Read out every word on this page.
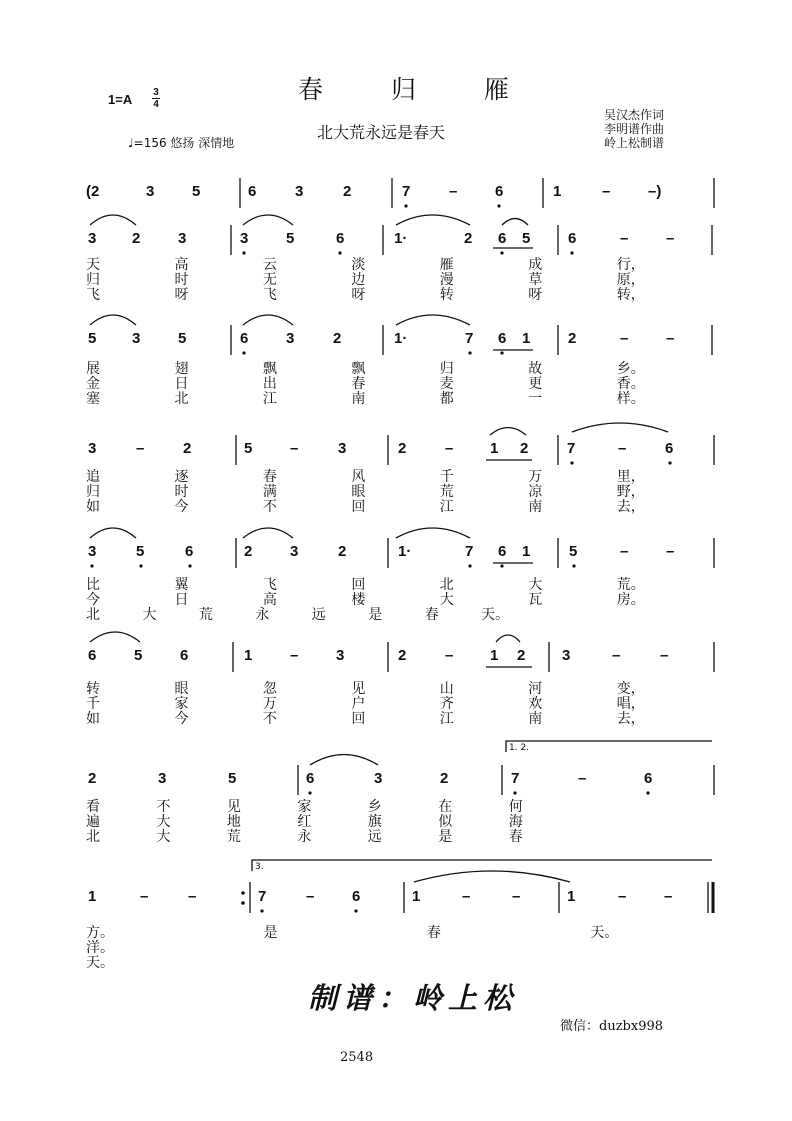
春 归 雁
北大荒永远是春天
1=A 3
4
♩=156 悠扬 深情地
吴汉杰作词
李明谱作曲
岭上松制谱
1. 2.
3.
(2	3	5	6	3	2	7	–	6	1	–	–)
3 2	3	3	5	6	1·	2 6 5	6	–	–
天 高 云 淡 雁 成 行，
归 时 无 边 漫 草 原，
飞 呀 飞 呀 转 呀 转，
5 3	5	6	3	2	1·	7 6 1	2	–	–
展 翅 飘 飘 归 故 乡。
金 日 出 春 麦 更 香。
塞 北 江 南 都 一 样。
3	–	2	5	–	3	2	– 1 2	7	–	6
追 逐 春 风 千 万 里，
归 时 满 眼 荒 凉 野，
如 今 不 回 江 南 去，
3	5	6	2	3	2	1·	7 6 1	5	–	–
比 翼 飞 回 北 大 荒。
今 日 高 楼 大 瓦 房。
北 大 荒 永 远 是 春 天。
6	5	6	1	–	3	2	– 1 2 3	–	–
转 眼 忽 见 山 河 变，
千 家 万 户 齐 欢 唱，
如 今 不 回 江 南 去，
2	3	5	6	3	2	7	–	6
看 不 见 家 乡 在 何
遍 大 地 红 旗 似 海
北 大 荒 永 远 是 春
1	–	–	7	–	6	1	–	–	1	–	–
方。 是 春 天。
洋。
天。
制谱：岭上松
微信：duzbx998
2548
